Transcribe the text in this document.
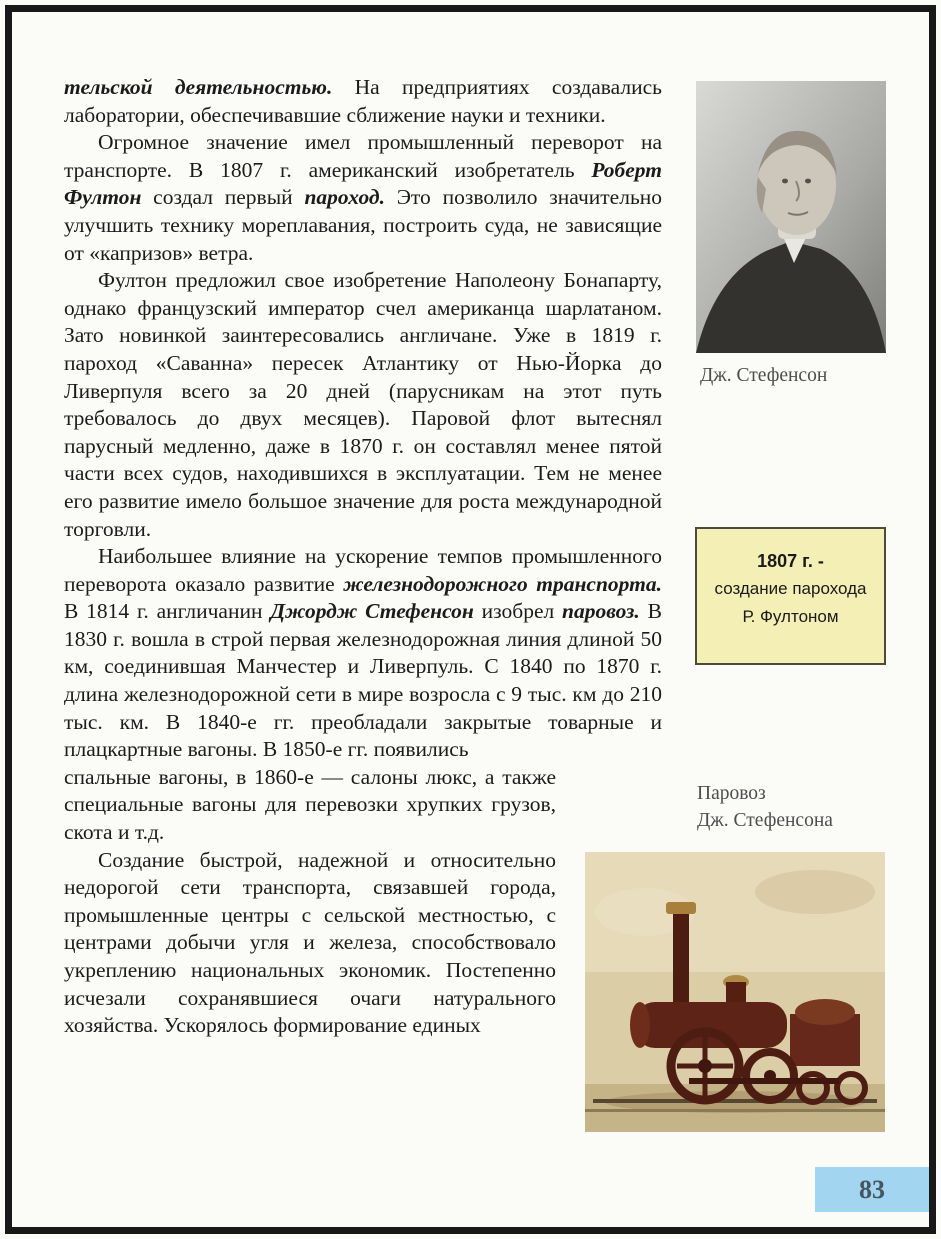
тельской деятельностью. На предприятиях создавались лаборатории, обеспечивавшие сближение науки и техники.

Огромное значение имел промышленный переворот на транспорте. В 1807 г. американский изобретатель Роберт Фултон создал первый пароход. Это позволило значительно улучшить технику мореплавания, построить суда, не зависящие от «капризов» ветра.

Фултон предложил свое изобретение Наполеону Бонапарту, однако французский император счел американца шарлатаном. Зато новинкой заинтересовались англичане. Уже в 1819 г. пароход «Саванна» пересек Атлантику от Нью-Йорка до Ливерпуля всего за 20 дней (парусникам на этот путь требовалось до двух месяцев). Паровой флот вытеснял парусный медленно, даже в 1870 г. он составлял менее пятой части всех судов, находившихся в эксплуатации. Тем не менее его развитие имело большое значение для роста международной торговли.

Наибольшее влияние на ускорение темпов промышленного переворота оказало развитие железнодорожного транспорта. В 1814 г. англичанин Джордж Стефенсон изобрел паровоз. В 1830 г. вошла в строй первая железнодорожная линия длиной 50 км, соединившая Манчестер и Ливерпуль. С 1840 по 1870 г. длина железнодорожной сети в мире возросла с 9 тыс. км до 210 тыс. км. В 1840-е гг. преобладали закрытые товарные и плацкартные вагоны. В 1850-е гг. появились

спальные вагоны, в 1860-е — салоны люкс, а также специальные вагоны для перевозки хрупких грузов, скота и т.д.

Создание быстрой, надежной и относительно недорогой сети транспорта, связавшей города, промышленные центры с сельской местностью, с центрами добычи угля и железа, способствовало укреплению национальных экономик. Постепенно исчезали сохранявшиеся очаги натурального хозяйства. Ускорялось формирование единых

Дж. Стефенсон
1807 г. -
создание парохода
Р. Фултоном
Паровоз
Дж. Стефенсона
83
